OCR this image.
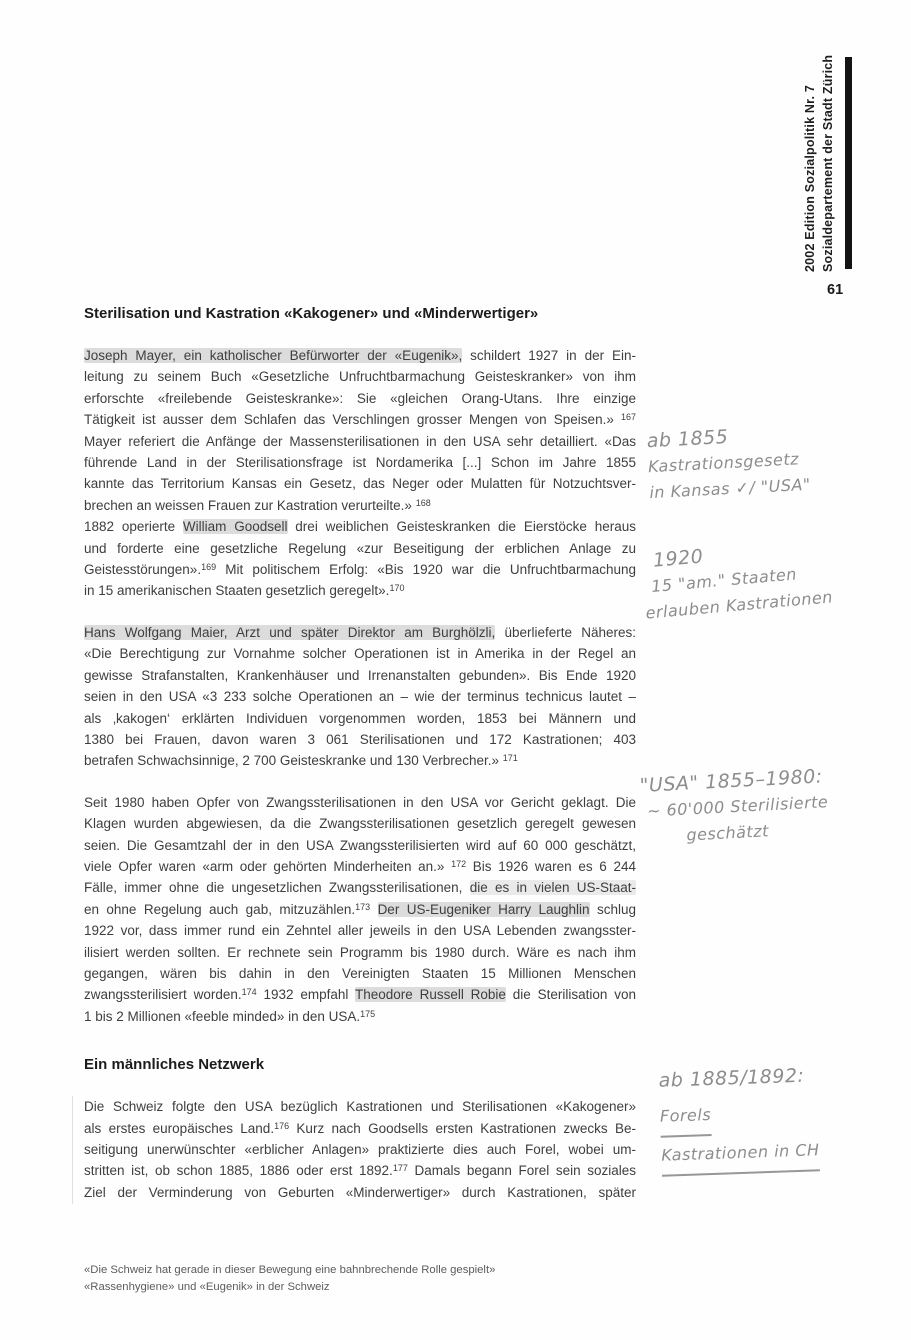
2002 Edition Sozialpolitik Nr. 7 Sozialdepartement der Stadt Zürich
61
Sterilisation und Kastration «Kakogener» und «Minderwertiger»
Joseph Mayer, ein katholischer Befürworter der «Eugenik», schildert 1927 in der Ein-
leitung zu seinem Buch «Gesetzliche Unfruchtbarmachung Geisteskranker» von ihm
erforschte «freilebende Geisteskranke»: Sie «gleichen Orang-Utans. Ihre einzige
Tätigkeit ist ausser dem Schlafen das Verschlingen grosser Mengen von Speisen.» $^{167}$
Mayer referiert die Anfänge der Massensterilisationen in den USA sehr detailliert. «Das
führende Land in der Sterilisationsfrage ist Nordamerika [...] Schon im Jahre 1855
kannte das Territorium Kansas ein Gesetz, das Neger oder Mulatten für Notzuchtsver-
brechen an weissen Frauen zur Kastration verurteilte.» $^{168}$
1882 operierte William Goodsell drei weiblichen Geisteskranken die Eierstöcke heraus
und forderte eine gesetzliche Regelung «zur Beseitigung der erblichen Anlage zu
Geistesstörungen».$^{169}$ Mit politischem Erfolg: «Bis 1920 war die Unfruchtbarmachung
in 15 amerikanischen Staaten gesetzlich geregelt».$^{170}$
Hans Wolfgang Maier, Arzt und später Direktor am Burghölzli, überlieferte Näheres:
«Die Berechtigung zur Vornahme solcher Operationen ist in Amerika in der Regel an
gewisse Strafanstalten, Krankenhäuser und Irrenanstalten gebunden». Bis Ende 1920
seien in den USA «3 233 solche Operationen an – wie der terminus technicus lautet –
als ‚kakogen‘ erklärten Individuen vorgenommen worden, 1853 bei Männern und
1380 bei Frauen, davon waren 3 061 Sterilisationen und 172 Kastrationen; 403
betrafen Schwachsinnige, 2 700 Geisteskranke und 130 Verbrecher.» $^{171}$
Seit 1980 haben Opfer von Zwangssterilisationen in den USA vor Gericht geklagt. Die
Klagen wurden abgewiesen, da die Zwangssterilisationen gesetzlich geregelt gewesen
seien. Die Gesamtzahl der in den USA Zwangssterilisierten wird auf 60 000 geschätzt,
viele Opfer waren «arm oder gehörten Minderheiten an.» $^{172}$ Bis 1926 waren es 6 244
Fälle, immer ohne die ungesetzlichen Zwangssterilisationen, die es in vielen US-Staat-
en ohne Regelung auch gab, mitzuzählen.$^{173}$ Der US-Eugeniker Harry Laughlin schlug
1922 vor, dass immer rund ein Zehntel aller jeweils in den USA Lebenden zwangsster-
ilisiert werden sollten. Er rechnete sein Programm bis 1980 durch. Wäre es nach ihm
gegangen, wären bis dahin in den Vereinigten Staaten 15 Millionen Menschen
zwangssterilisiert worden.$^{174}$ 1932 empfahl Theodore Russell Robie die Sterilisation von
1 bis 2 Millionen «feeble minded» in den USA.$^{175}$
Ein männliches Netzwerk
Die Schweiz folgte den USA bezüglich Kastrationen und Sterilisationen «Kakogener»
als erstes europäisches Land.$^{176}$ Kurz nach Goodsells ersten Kastrationen zwecks Be-
seitigung unerwünschter «erblicher Anlagen» praktizierte dies auch Forel, wobei um-
stritten ist, ob schon 1885, 1886 oder erst 1892.$^{177}$ Damals begann Forel sein soziales
Ziel der Verminderung von Geburten «Minderwertiger» durch Kastrationen, später
ab 1855
Kastrationsgesetz
in Kansas ✓/ "USA"
1920
15 "am." Staaten
erlauben Kastrationen
"USA" 1855–1980:
~ 60'000 Sterilisierte
geschätzt
ab 1885/1892:
Forels
Kastrationen in CH
«Die Schweiz hat gerade in dieser Bewegung eine bahnbrechende Rolle gespielt»
«Rassenhygiene» und «Eugenik» in der Schweiz
